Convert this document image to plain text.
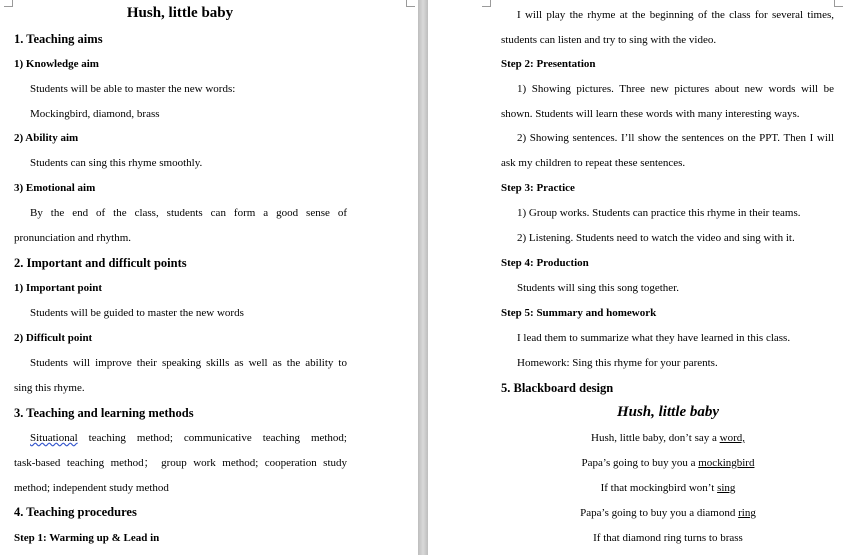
Hush, little baby
1. Teaching aims
1) Knowledge aim
Students will be able to master the new words:
Mockingbird, diamond, brass
2) Ability aim
Students can sing this rhyme smoothly.
3) Emotional aim
By the end of the class, students can form a good sense of
pronunciation and rhythm.
2. Important and difficult points
1) Important point
Students will be guided to master the new words
2) Difficult point
Students will improve their speaking skills as well as the ability to
sing this rhyme.
3. Teaching and learning methods
Situational teaching method; communicative teaching method;
task-based teaching method； group work method; cooperation study
method; independent study method
4. Teaching procedures
Step 1: Warming up & Lead in
I will play the rhyme at the beginning of the class for several times,
students can listen and try to sing with the video.
Step 2: Presentation
1) Showing pictures. Three new pictures about new words will be
shown. Students will learn these words with many interesting ways.
2) Showing sentences. I’ll show the sentences on the PPT. Then I will
ask my children to repeat these sentences.
Step 3: Practice
1) Group works. Students can practice this rhyme in their teams.
2) Listening. Students need to watch the video and sing with it.
Step 4: Production
Students will sing this song together.
Step 5: Summary and homework
I lead them to summarize what they have learned in this class.
Homework: Sing this rhyme for your parents.
5. Blackboard design
Hush, little baby
Hush, little baby, don’t say a word,
Papa’s going to buy you a mockingbird
If that mockingbird won’t sing
Papa’s going to buy you a diamond ring
If that diamond ring turns to brass
